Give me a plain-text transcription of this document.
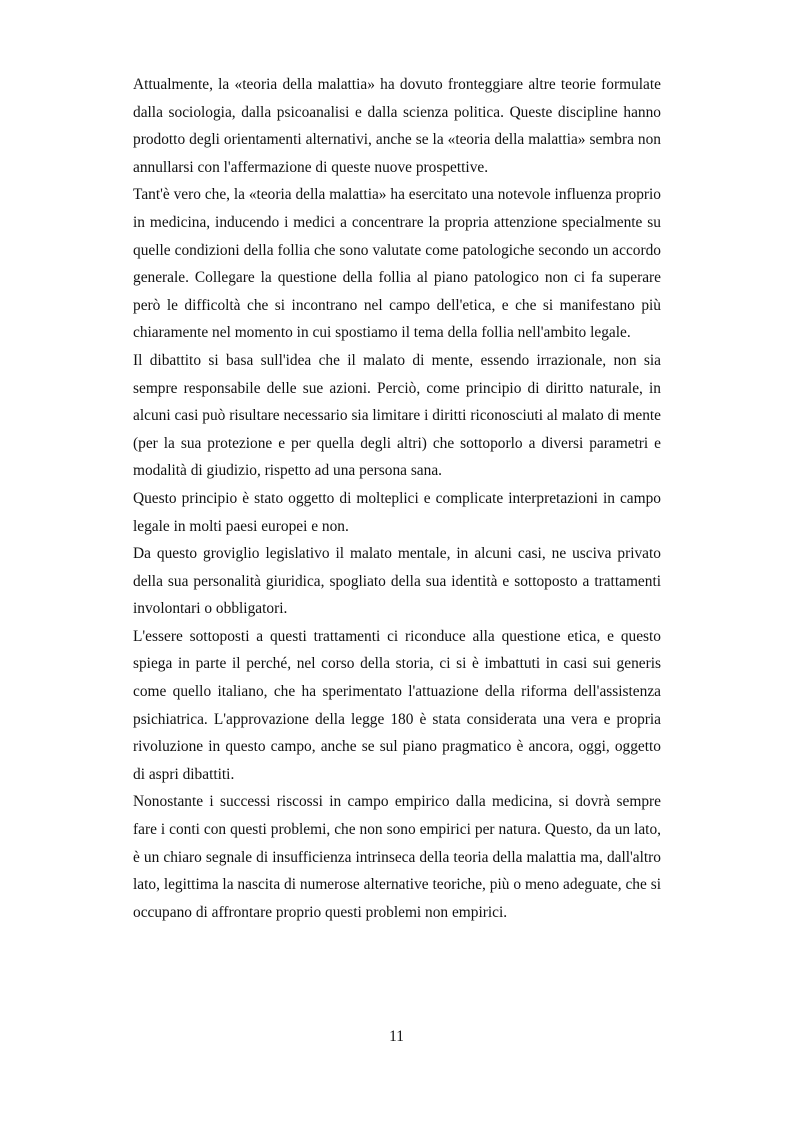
Attualmente, la «teoria della malattia» ha dovuto fronteggiare altre teorie formulate dalla sociologia, dalla psicoanalisi e dalla scienza politica. Queste discipline hanno prodotto degli orientamenti alternativi, anche se la «teoria della malattia» sembra non annullarsi con l'affermazione di queste nuove prospettive.

Tant'è vero che, la «teoria della malattia» ha esercitato una notevole influenza proprio in medicina, inducendo i medici a concentrare la propria attenzione specialmente su quelle condizioni della follia che sono valutate come patologiche secondo un accordo generale. Collegare la questione della follia al piano patologico non ci fa superare però le difficoltà che si incontrano nel campo dell'etica, e che si manifestano più chiaramente nel momento in cui spostiamo il tema della follia nell'ambito legale.

Il dibattito si basa sull'idea che il malato di mente, essendo irrazionale, non sia sempre responsabile delle sue azioni. Perciò, come principio di diritto naturale, in alcuni casi può risultare necessario sia limitare i diritti riconosciuti al malato di mente (per la sua protezione e per quella degli altri) che sottoporlo a diversi parametri e modalità di giudizio, rispetto ad una persona sana.

Questo principio è stato oggetto di molteplici e complicate interpretazioni in campo legale in molti paesi europei e non.

Da questo groviglio legislativo il malato mentale, in alcuni casi, ne usciva privato della sua personalità giuridica, spogliato della sua identità e sottoposto a trattamenti involontari o obbligatori.

L'essere sottoposti a questi trattamenti ci riconduce alla questione etica, e questo spiega in parte il perché, nel corso della storia, ci si è imbattuti in casi sui generis come quello italiano, che ha sperimentato l'attuazione della riforma dell'assistenza psichiatrica. L'approvazione della legge 180 è stata considerata una vera e propria rivoluzione in questo campo, anche se sul piano pragmatico è ancora, oggi, oggetto di aspri dibattiti.

Nonostante i successi riscossi in campo empirico dalla medicina, si dovrà sempre fare i conti con questi problemi, che non sono empirici per natura. Questo, da un lato, è un chiaro segnale di insufficienza intrinseca della teoria della malattia ma, dall'altro lato, legittima la nascita di numerose alternative teoriche, più o meno adeguate, che si occupano di affrontare proprio questi problemi non empirici.

11
